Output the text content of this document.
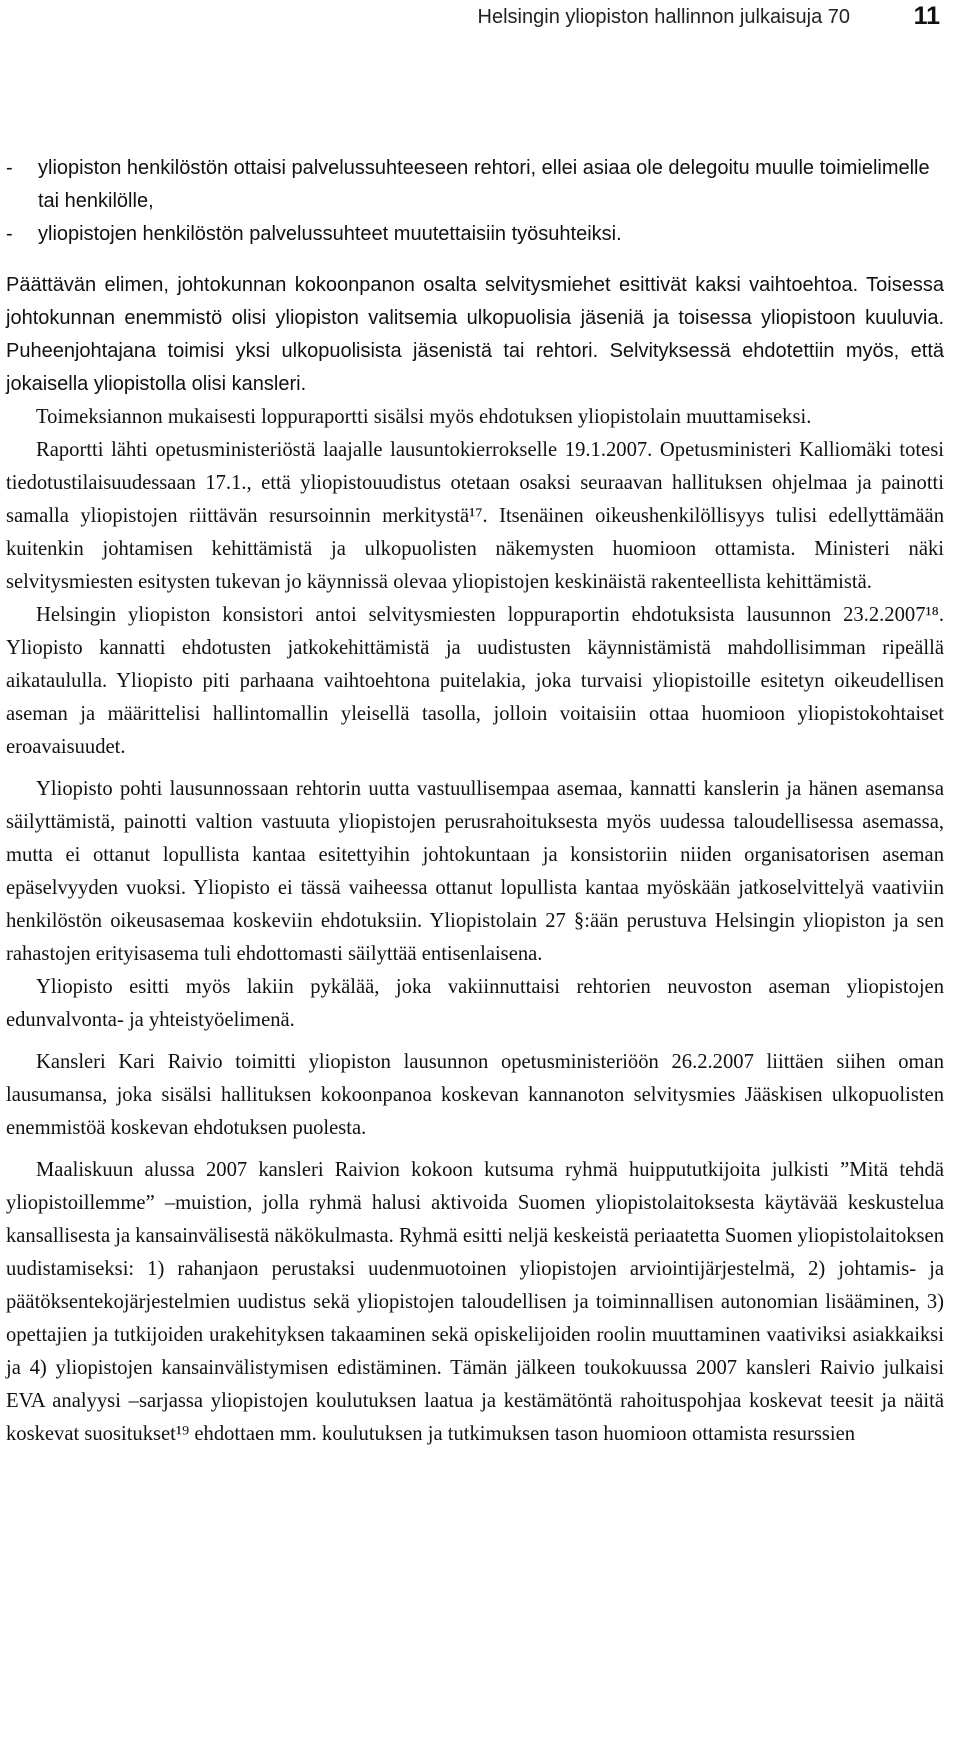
Helsingin yliopiston hallinnon julkaisuja 70	11
- yliopiston henkilöstön ottaisi palvelussuhteeseen rehtori, ellei asiaa ole delegoitu muulle toimielimelle tai henkilölle,
- yliopistojen henkilöstön palvelussuhteet muutettaisiin työsuhteiksi.

Päättävän elimen, johtokunnan kokoonpanon osalta selvitysmiehet esittivät kaksi vaihtoehtoa. Toisessa johtokunnan enemmistö olisi yliopiston valitsemia ulkopuolisia jäseniä ja toisessa yliopistoon kuuluvia. Puheenjohtajana toimisi yksi ulkopuolisista jäsenistä tai rehtori. Selvityksessä ehdotettiin myös, että jokaisella yliopistolla olisi kansleri.

Toimeksiannon mukaisesti loppuraportti sisälsi myös ehdotuksen yliopistolain muuttamiseksi.

Raportti lähti opetusministeriöstä laajalle lausuntokierrokselle 19.1.2007. Opetusministeri Kalliomäki totesi tiedotustilaisuudessaan 17.1., että yliopistouudistus otetaan osaksi seuraavan hallituksen ohjelmaa ja painotti samalla yliopistojen riittävän resursoinnin merkitystä¹⁷. Itsenäinen oikeushenkilöllisyys tulisi edellyttämään kuitenkin johtamisen kehittämistä ja ulkopuolisten näkemysten huomioon ottamista. Ministeri näki selvitysmiesten esitysten tukevan jo käynnissä olevaa yliopistojen keskinäistä rakenteellista kehittämistä.

Helsingin yliopiston konsistori antoi selvitysmiesten loppuraportin ehdotuksista lausunnon 23.2.2007¹⁸. Yliopisto kannatti ehdotusten jatkokehittämistä ja uudistusten käynnistämistä mahdollisimman ripeällä aikataululla. Yliopisto piti parhaana vaihtoehtona puitelakia, joka turvaisi yliopistoille esitetyn oikeudellisen aseman ja määrittelisi hallintomallin yleisellä tasolla, jolloin voitaisiin ottaa huomioon yliopistokohtaiset eroavaisuudet.

Yliopisto pohti lausunnossaan rehtorin uutta vastuullisempaa asemaa, kannatti kanslerin ja hänen asemansa säilyttämistä, painotti valtion vastuuta yliopistojen perusrahoituksesta myös uudessa taloudellisessa asemassa, mutta ei ottanut lopullista kantaa esitettyihin johtokuntaan ja konsistoriin niiden organisatorisen aseman epäselvyyden vuoksi. Yliopisto ei tässä vaiheessa ottanut lopullista kantaa myöskään jatkoselvittelyä vaativiin henkilöstön oikeusasemaa koskeviin ehdotuksiin. Yliopistolain 27 §:ään perustuva Helsingin yliopiston ja sen rahastojen erityisasema tuli ehdottomasti säilyttää entisenlaisena.

Yliopisto esitti myös lakiin pykälää, joka vakiinnuttaisi rehtorien neuvoston aseman yliopistojen edunvalvonta- ja yhteistyöelimenä.

Kansleri Kari Raivio toimitti yliopiston lausunnon opetusministeriöön 26.2.2007 liittäen siihen oman lausumansa, joka sisälsi hallituksen kokoonpanoa koskevan kannanoton selvitysmies Jääskisen ulkopuolisten enemmistöä koskevan ehdotuksen puolesta.

Maaliskuun alussa 2007 kansleri Raivion kokoon kutsuma ryhmä huippututkijoita julkisti ”Mitä tehdä yliopistoillemme” –muistion, jolla ryhmä halusi aktivoida Suomen yliopistolaitoksesta käytävää keskustelua kansallisesta ja kansainvälisestä näkökulmasta. Ryhmä esitti neljä keskeistä periaatetta Suomen yliopistolaitoksen uudistamiseksi: 1) rahanjaon perustaksi uudenmuotoinen yliopistojen arviointijärjestelmä, 2) johtamis- ja päätöksentekojärjestelmien uudistus sekä yliopistojen taloudellisen ja toiminnallisen autonomian lisääminen, 3) opettajien ja tutkijoiden urakehityksen takaaminen sekä opiskelijoiden roolin muuttaminen vaativiksi asiakkaiksi ja 4) yliopistojen kansainvälistymisen edistäminen. Tämän jälkeen toukokuussa 2007 kansleri Raivio julkaisi EVA analyysi –sarjassa yliopistojen koulutuksen laatua ja kestämätöntä rahoituspohjaa koskevat teesit ja näitä koskevat suositukset¹⁹ ehdottaen mm. koulutuksen ja tutkimuksen tason huomioon ottamista resurssien
